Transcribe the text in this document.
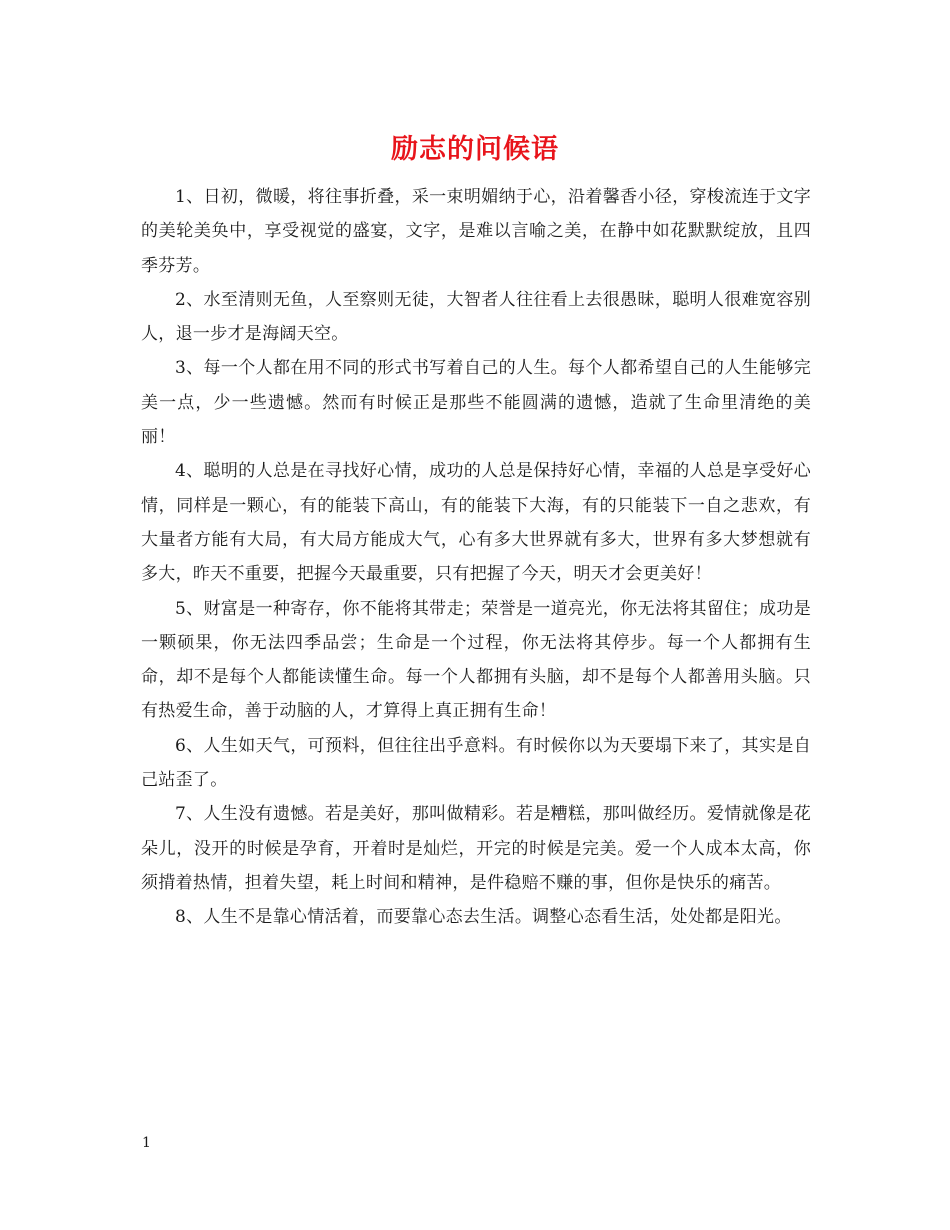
励志的问候语

1、日初，微暖，将往事折叠，采一束明媚纳于心，沿着馨香小径，穿梭流连于文字的美轮美奂中，享受视觉的盛宴，文字，是难以言喻之美，在静中如花默默绽放，且四季芬芳。

2、水至清则无鱼，人至察则无徒，大智者人往往看上去很愚昧，聪明人很难宽容别人，退一步才是海阔天空。

3、每一个人都在用不同的形式书写着自己的人生。每个人都希望自己的人生能够完美一点，少一些遗憾。然而有时候正是那些不能圆满的遗憾，造就了生命里清绝的美丽！

4、聪明的人总是在寻找好心情，成功的人总是保持好心情，幸福的人总是享受好心情，同样是一颗心，有的能装下高山，有的能装下大海，有的只能装下一自之悲欢，有大量者方能有大局，有大局方能成大气，心有多大世界就有多大，世界有多大梦想就有多大，昨天不重要，把握今天最重要，只有把握了今天，明天才会更美好！

5、财富是一种寄存，你不能将其带走；荣誉是一道亮光，你无法将其留住；成功是一颗硕果，你无法四季品尝；生命是一个过程，你无法将其停步。每一个人都拥有生命，却不是每个人都能读懂生命。每一个人都拥有头脑，却不是每个人都善用头脑。只有热爱生命，善于动脑的人，才算得上真正拥有生命！

6、人生如天气，可预料，但往往出乎意料。有时候你以为天要塌下来了，其实是自己站歪了。

7、人生没有遗憾。若是美好，那叫做精彩。若是糟糕，那叫做经历。爱情就像是花朵儿，没开的时候是孕育，开着时是灿烂，开完的时候是完美。爱一个人成本太高，你须揹着热情，担着失望，耗上时间和精神，是件稳赔不赚的事，但你是快乐的痛苦。

8、人生不是靠心情活着，而要靠心态去生活。调整心态看生活，处处都是阳光。

1
